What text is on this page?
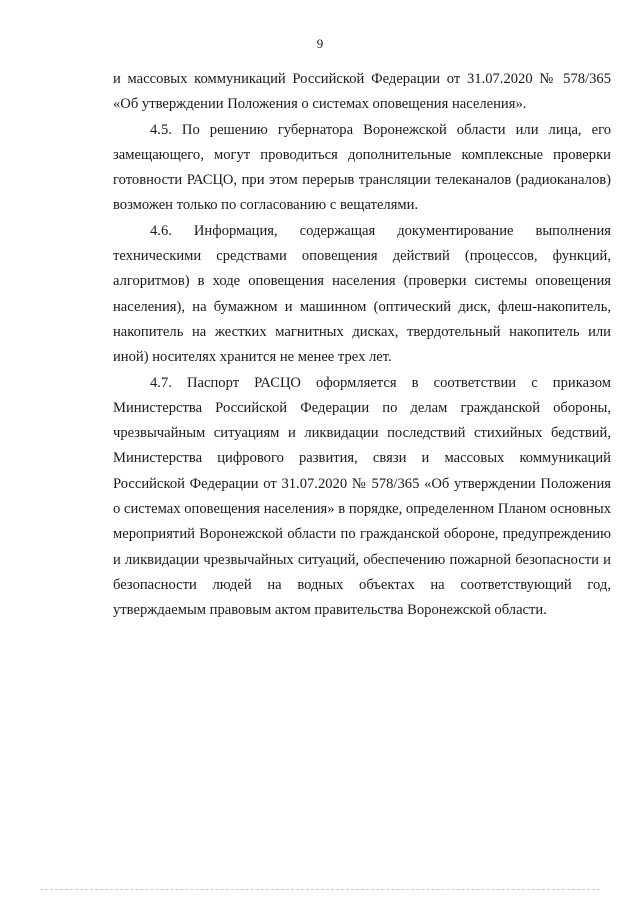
9

и массовых коммуникаций Российской Федерации от 31.07.2020 № 578/365 «Об утверждении Положения о системах оповещения населения».

4.5. По решению губернатора Воронежской области или лица, его замещающего, могут проводиться дополнительные комплексные проверки готовности РАСЦО, при этом перерыв трансляции телеканалов (радиоканалов) возможен только по согласованию с вещателями.

4.6. Информация, содержащая документирование выполнения техническими средствами оповещения действий (процессов, функций, алгоритмов) в ходе оповещения населения (проверки системы оповещения населения), на бумажном и машинном (оптический диск, флеш-накопитель, накопитель на жестких магнитных дисках, твердотельный накопитель или иной) носителях хранится не менее трех лет.

4.7. Паспорт РАСЦО оформляется в соответствии с приказом Министерства Российской Федерации по делам гражданской обороны, чрезвычайным ситуациям и ликвидации последствий стихийных бедствий, Министерства цифрового развития, связи и массовых коммуникаций Российской Федерации от 31.07.2020 № 578/365 «Об утверждении Положения о системах оповещения населения» в порядке, определенном Планом основных мероприятий Воронежской области по гражданской обороне, предупреждению и ликвидации чрезвычайных ситуаций, обеспечению пожарной безопасности и безопасности людей на водных объектах на соответствующий год, утверждаемым правовым актом правительства Воронежской области.
